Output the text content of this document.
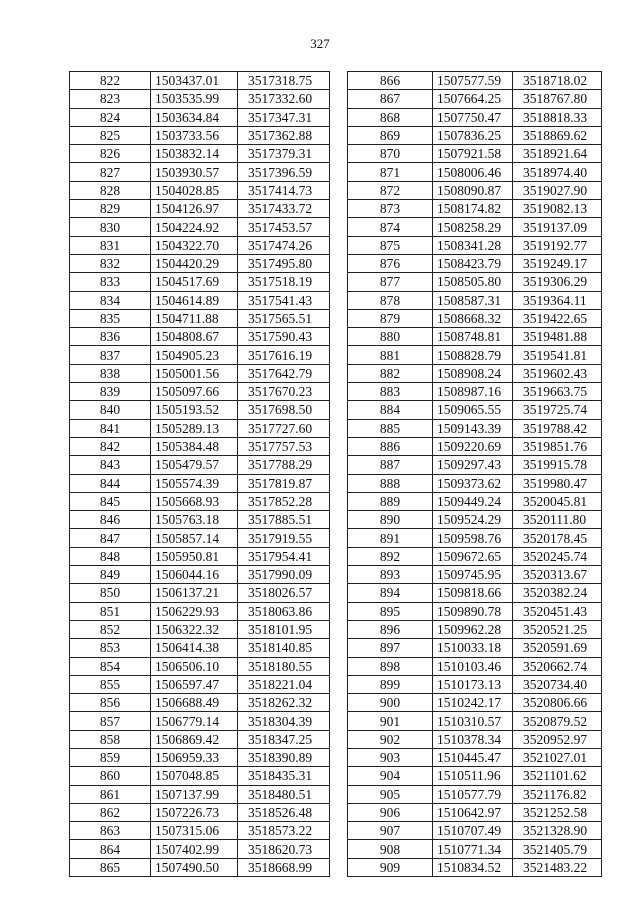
327
822	1503437.01	3517318.75
823	1503535.99	3517332.60
824	1503634.84	3517347.31
825	1503733.56	3517362.88
826	1503832.14	3517379.31
827	1503930.57	3517396.59
828	1504028.85	3517414.73
829	1504126.97	3517433.72
830	1504224.92	3517453.57
831	1504322.70	3517474.26
832	1504420.29	3517495.80
833	1504517.69	3517518.19
834	1504614.89	3517541.43
835	1504711.88	3517565.51
836	1504808.67	3517590.43
837	1504905.23	3517616.19
838	1505001.56	3517642.79
839	1505097.66	3517670.23
840	1505193.52	3517698.50
841	1505289.13	3517727.60
842	1505384.48	3517757.53
843	1505479.57	3517788.29
844	1505574.39	3517819.87
845	1505668.93	3517852.28
846	1505763.18	3517885.51
847	1505857.14	3517919.55
848	1505950.81	3517954.41
849	1506044.16	3517990.09
850	1506137.21	3518026.57
851	1506229.93	3518063.86
852	1506322.32	3518101.95
853	1506414.38	3518140.85
854	1506506.10	3518180.55
855	1506597.47	3518221.04
856	1506688.49	3518262.32
857	1506779.14	3518304.39
858	1506869.42	3518347.25
859	1506959.33	3518390.89
860	1507048.85	3518435.31
861	1507137.99	3518480.51
862	1507226.73	3518526.48
863	1507315.06	3518573.22
864	1507402.99	3518620.73
865	1507490.50	3518668.99
866	1507577.59	3518718.02
867	1507664.25	3518767.80
868	1507750.47	3518818.33
869	1507836.25	3518869.62
870	1507921.58	3518921.64
871	1508006.46	3518974.40
872	1508090.87	3519027.90
873	1508174.82	3519082.13
874	1508258.29	3519137.09
875	1508341.28	3519192.77
876	1508423.79	3519249.17
877	1508505.80	3519306.29
878	1508587.31	3519364.11
879	1508668.32	3519422.65
880	1508748.81	3519481.88
881	1508828.79	3519541.81
882	1508908.24	3519602.43
883	1508987.16	3519663.75
884	1509065.55	3519725.74
885	1509143.39	3519788.42
886	1509220.69	3519851.76
887	1509297.43	3519915.78
888	1509373.62	3519980.47
889	1509449.24	3520045.81
890	1509524.29	3520111.80
891	1509598.76	3520178.45
892	1509672.65	3520245.74
893	1509745.95	3520313.67
894	1509818.66	3520382.24
895	1509890.78	3520451.43
896	1509962.28	3520521.25
897	1510033.18	3520591.69
898	1510103.46	3520662.74
899	1510173.13	3520734.40
900	1510242.17	3520806.66
901	1510310.57	3520879.52
902	1510378.34	3520952.97
903	1510445.47	3521027.01
904	1510511.96	3521101.62
905	1510577.79	3521176.82
906	1510642.97	3521252.58
907	1510707.49	3521328.90
908	1510771.34	3521405.79
909	1510834.52	3521483.22
